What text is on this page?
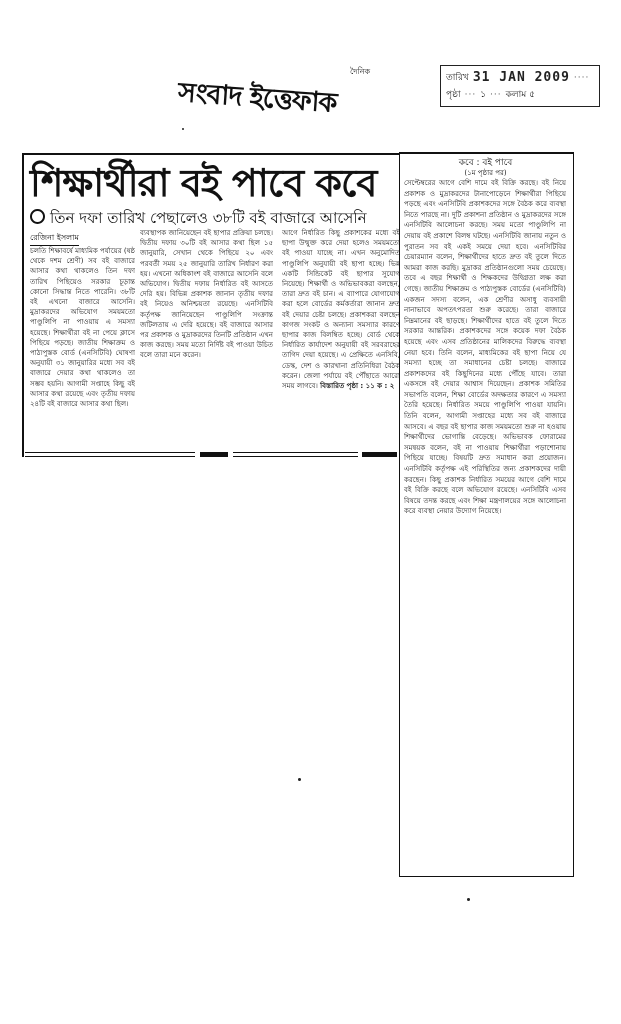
সংবাদ ইত্তেফাক
দৈনিক
তারিখ 31 JAN 2009 ····
পৃষ্ঠা ··· ১ ··· কলাম ৫
শিক্ষার্থীরা বই পাবে কবে
তিন দফা তারিখ পেছালেও ৩৮টি বই বাজারে আসেনি
রেজিনা ইসলাম
চলতি শিক্ষাবর্ষে মাধ্যমিক পর্যায়ের (ষষ্ঠ থেকে দশম শ্রেণী) সব বই বাজারে আসার কথা থাকলেও তিন দফা তারিখ পিছিয়েও সরকার চূড়ান্ত কোনো সিদ্ধান্ত নিতে পারেনি। ৩৮টি বই এখনো বাজারে আসেনি। মুদ্রাকরদের অভিযোগ সময়মতো পাণ্ডুলিপি না পাওয়ায় এ সমস্যা হয়েছে। শিক্ষার্থীরা বই না পেয়ে ক্লাসে পিছিয়ে পড়ছে। জাতীয় শিক্ষাক্রম ও পাঠ্যপুস্তক বোর্ড (এনসিটিবি) ঘোষণা অনুযায়ী ৩১ জানুয়ারির মধ্যে সব বই বাজারে দেয়ার কথা থাকলেও তা সম্ভব হয়নি। আগামী সপ্তাহে কিছু বই আসার কথা রয়েছে এবং তৃতীয় দফায় ২৪টি বই বাজারে আসার কথা ছিল।
ব্যবস্থাপক জানিয়েছেন বই ছাপার প্রক্রিয়া চলছে। দ্বিতীয় দফায় ৩০টি বই আসার কথা ছিল ১৫ জানুয়ারি, সেখান থেকে পিছিয়ে ২০ এবং পরবর্তী সময় ২৫ জানুয়ারি তারিখ নির্ধারণ করা হয়। এখনো অধিকাংশ বই বাজারে আসেনি বলে অভিযোগ। দ্বিতীয় দফায় নির্ধারিত বই আসতে দেরি হয়। বিভিন্ন প্রকাশক জানান তৃতীয় দফার বই নিয়েও অনিশ্চয়তা রয়েছে। এনসিটিবি কর্তৃপক্ষ জানিয়েছেন পাণ্ডুলিপি সংক্রান্ত জটিলতায় এ দেরি হয়েছে। বই বাজারে আসার পর প্রকাশক ও মুদ্রাকরদের তিনটি প্রতিষ্ঠান এখন কাজ করছে। সময় মতো নির্দিষ্ট বই পাওয়া উচিত বলে তারা মনে করেন।
আগে নির্ধারিত কিছু প্রকাশকের মধ্যে বই ছাপা উন্মুক্ত করে দেয়া হলেও সময়মতো বই পাওয়া যাচ্ছে না। এখন অনুমোদিত পাণ্ডুলিপি অনুযায়ী বই ছাপা হচ্ছে। ভিন্ন একটি সিন্ডিকেট বই ছাপার সুযোগ নিয়েছে। শিক্ষার্থী ও অভিভাবকরা বলছেন, তারা দ্রুত বই চান। এ ব্যাপারে যোগাযোগ করা হলে বোর্ডের কর্মকর্তারা জানান দ্রুত বই দেয়ার চেষ্টা চলছে। প্রকাশকরা বলছেন কাগজ সংকট ও অন্যান্য সমস্যার কারণে ছাপার কাজ বিলম্বিত হচ্ছে। বোর্ড থেকে নির্ধারিত কার্যাদেশ অনুযায়ী বই সরবরাহের তাগিদ দেয়া হয়েছে। এ প্রেক্ষিতে এনসিবি, ডেস্ক, দেশ ও কারখানা প্রতিনিধিরা বৈঠক করেন। জেলা পর্যায়ে বই পৌঁছাতে আরো সময় লাগবে। বিস্তারিত পৃষ্ঠা : ১১ ক : ২
কবে : বই পাবে
(১ম পৃষ্ঠার পর)
সেপ্টেম্বরের আগে বেশি দামে বই বিক্রি করছে। বই নিয়ে প্রকাশক ও মুদ্রাকরদের টানাপোড়েনে শিক্ষার্থীরা পিছিয়ে পড়ছে এবং এনসিটিবি প্রকাশকদের সঙ্গে বৈঠক করে ব্যবস্থা নিতে পারছে না। দুটি প্রকাশনা প্রতিষ্ঠান ও মুদ্রাকরদের সঙ্গে এনসিটিবি আলোচনা করছে। সময় মতো পাণ্ডুলিপি না দেয়ায় বই প্রকাশে বিলম্ব ঘটছে। এনসিটিবি জানায় নতুন ও পুরাতন সব বই একই সময়ে দেয়া হবে। এনসিটিবির চেয়ারম্যান বলেন, শিক্ষার্থীদের হাতে দ্রুত বই তুলে দিতে আমরা কাজ করছি। মুদ্রাকর প্রতিষ্ঠানগুলো সময় চেয়েছে। তবে এ বছর শিক্ষার্থী ও শিক্ষকদের উদ্বিগ্নতা লক্ষ করা গেছে। জাতীয় শিক্ষাক্রম ও পাঠ্যপুস্তক বোর্ডের (এনসিটিবি) একজন সদস্য বলেন, এক শ্রেণীর অসাধু ব্যবসায়ী নানাভাবে অপতৎপরতা শুরু করেছে। তারা বাজারে নিম্নমানের বই ছাড়ছে। শিক্ষার্থীদের হাতে বই তুলে দিতে সরকার আন্তরিক। প্রকাশকদের সঙ্গে কয়েক দফা বৈঠক হয়েছে এবং এসব প্রতিষ্ঠানের মালিকদের বিরুদ্ধে ব্যবস্থা নেয়া হবে। তিনি বলেন, মাধ্যমিকের বই ছাপা নিয়ে যে সমস্যা হচ্ছে তা সমাধানের চেষ্টা চলছে। বাজারে প্রকাশকদের বই কিছুদিনের মধ্যে পৌঁছে যাবে। তারা একসঙ্গে বই দেয়ার আশ্বাস দিয়েছেন। প্রকাশক সমিতির সভাপতি বলেন, শিক্ষা বোর্ডের অদক্ষতার কারণে এ সমস্যা তৈরি হয়েছে। নির্ধারিত সময়ে পাণ্ডুলিপি পাওয়া যায়নি। তিনি বলেন, আগামী সপ্তাহের মধ্যে সব বই বাজারে আসবে। এ বছর বই ছাপার কাজ সময়মতো শুরু না হওয়ায় শিক্ষার্থীদের ভোগান্তি বেড়েছে। অভিভাবক ফোরামের সমন্বয়ক বলেন, বই না পাওয়ায় শিক্ষার্থীরা পড়াশোনায় পিছিয়ে যাচ্ছে। বিষয়টি দ্রুত সমাধান করা প্রয়োজন। এনসিটিবি কর্তৃপক্ষ এই পরিস্থিতির জন্য প্রকাশকদের দায়ী করছেন। কিছু প্রকাশক নির্ধারিত সময়ের আগে বেশি দামে বই বিক্রি করছে বলে অভিযোগ রয়েছে। এনসিটিবি এসব বিষয়ে তদন্ত করছে এবং শিক্ষা মন্ত্রণালয়ের সঙ্গে আলোচনা করে ব্যবস্থা নেয়ার উদ্যোগ নিয়েছে।
